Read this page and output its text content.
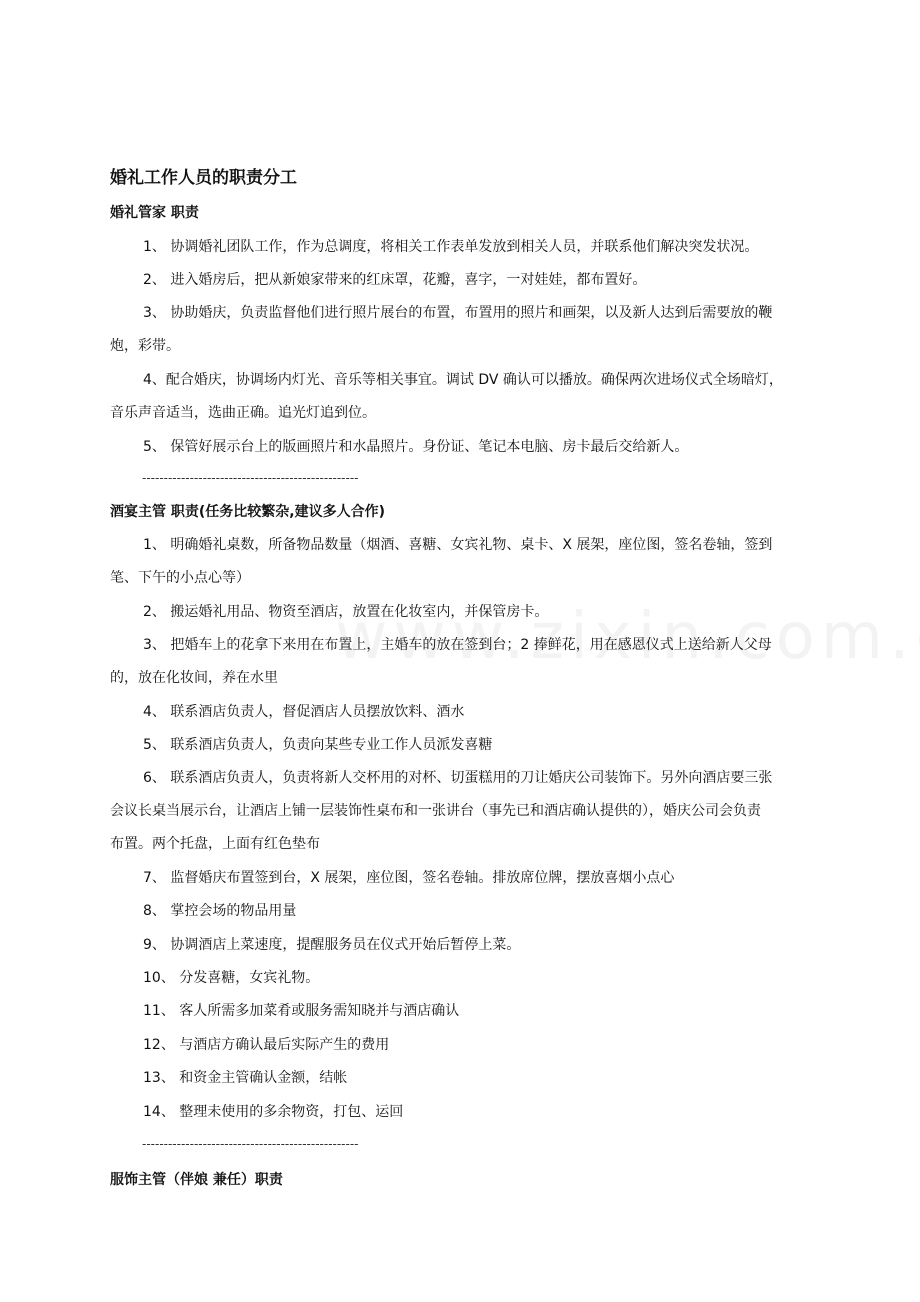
婚礼工作人员的职责分工
婚礼管家 职责
1、 协调婚礼团队工作，作为总调度，将相关工作表单发放到相关人员，并联系他们解决突发状况。
2、 进入婚房后，把从新娘家带来的红床罩，花瓣，喜字，一对娃娃，都布置好。
3、 协助婚庆，负责监督他们进行照片展台的布置，布置用的照片和画架，以及新人达到后需要放的鞭
炮，彩带。
4、配合婚庆，协调场内灯光、音乐等相关事宜。调试 DV 确认可以播放。确保两次进场仪式全场暗灯，
音乐声音适当，选曲正确。追光灯追到位。
5、 保管好展示台上的版画照片和水晶照片。身份证、笔记本电脑、房卡最后交给新人。
--------------------------------------------------
酒宴主管 职责(任务比较繁杂,建议多人合作)
1、 明确婚礼桌数，所备物品数量（烟酒、喜糖、女宾礼物、桌卡、X 展架，座位图，签名卷轴，签到
笔、下午的小点心等）
2、 搬运婚礼用品、物资至酒店，放置在化妆室内，并保管房卡。
3、 把婚车上的花拿下来用在布置上，主婚车的放在签到台；2 捧鲜花，用在感恩仪式上送给新人父母
的，放在化妆间，养在水里
4、 联系酒店负责人，督促酒店人员摆放饮料、酒水
5、 联系酒店负责人，负责向某些专业工作人员派发喜糖
6、 联系酒店负责人，负责将新人交杯用的对杯、切蛋糕用的刀让婚庆公司装饰下。另外向酒店要三张
会议长桌当展示台，让酒店上铺一层装饰性桌布和一张讲台（事先已和酒店确认提供的），婚庆公司会负责
布置。两个托盘，上面有红色垫布
7、 监督婚庆布置签到台，X 展架，座位图，签名卷轴。排放席位牌，摆放喜烟小点心
8、 掌控会场的物品用量
9、 协调酒店上菜速度，提醒服务员在仪式开始后暂停上菜。
10、 分发喜糖，女宾礼物。
11、 客人所需多加菜肴或服务需知晓并与酒店确认
12、 与酒店方确认最后实际产生的费用
13、 和资金主管确认金额，结帐
14、 整理未使用的多余物资，打包、运回
--------------------------------------------------
服饰主管（伴娘 兼任）职责
